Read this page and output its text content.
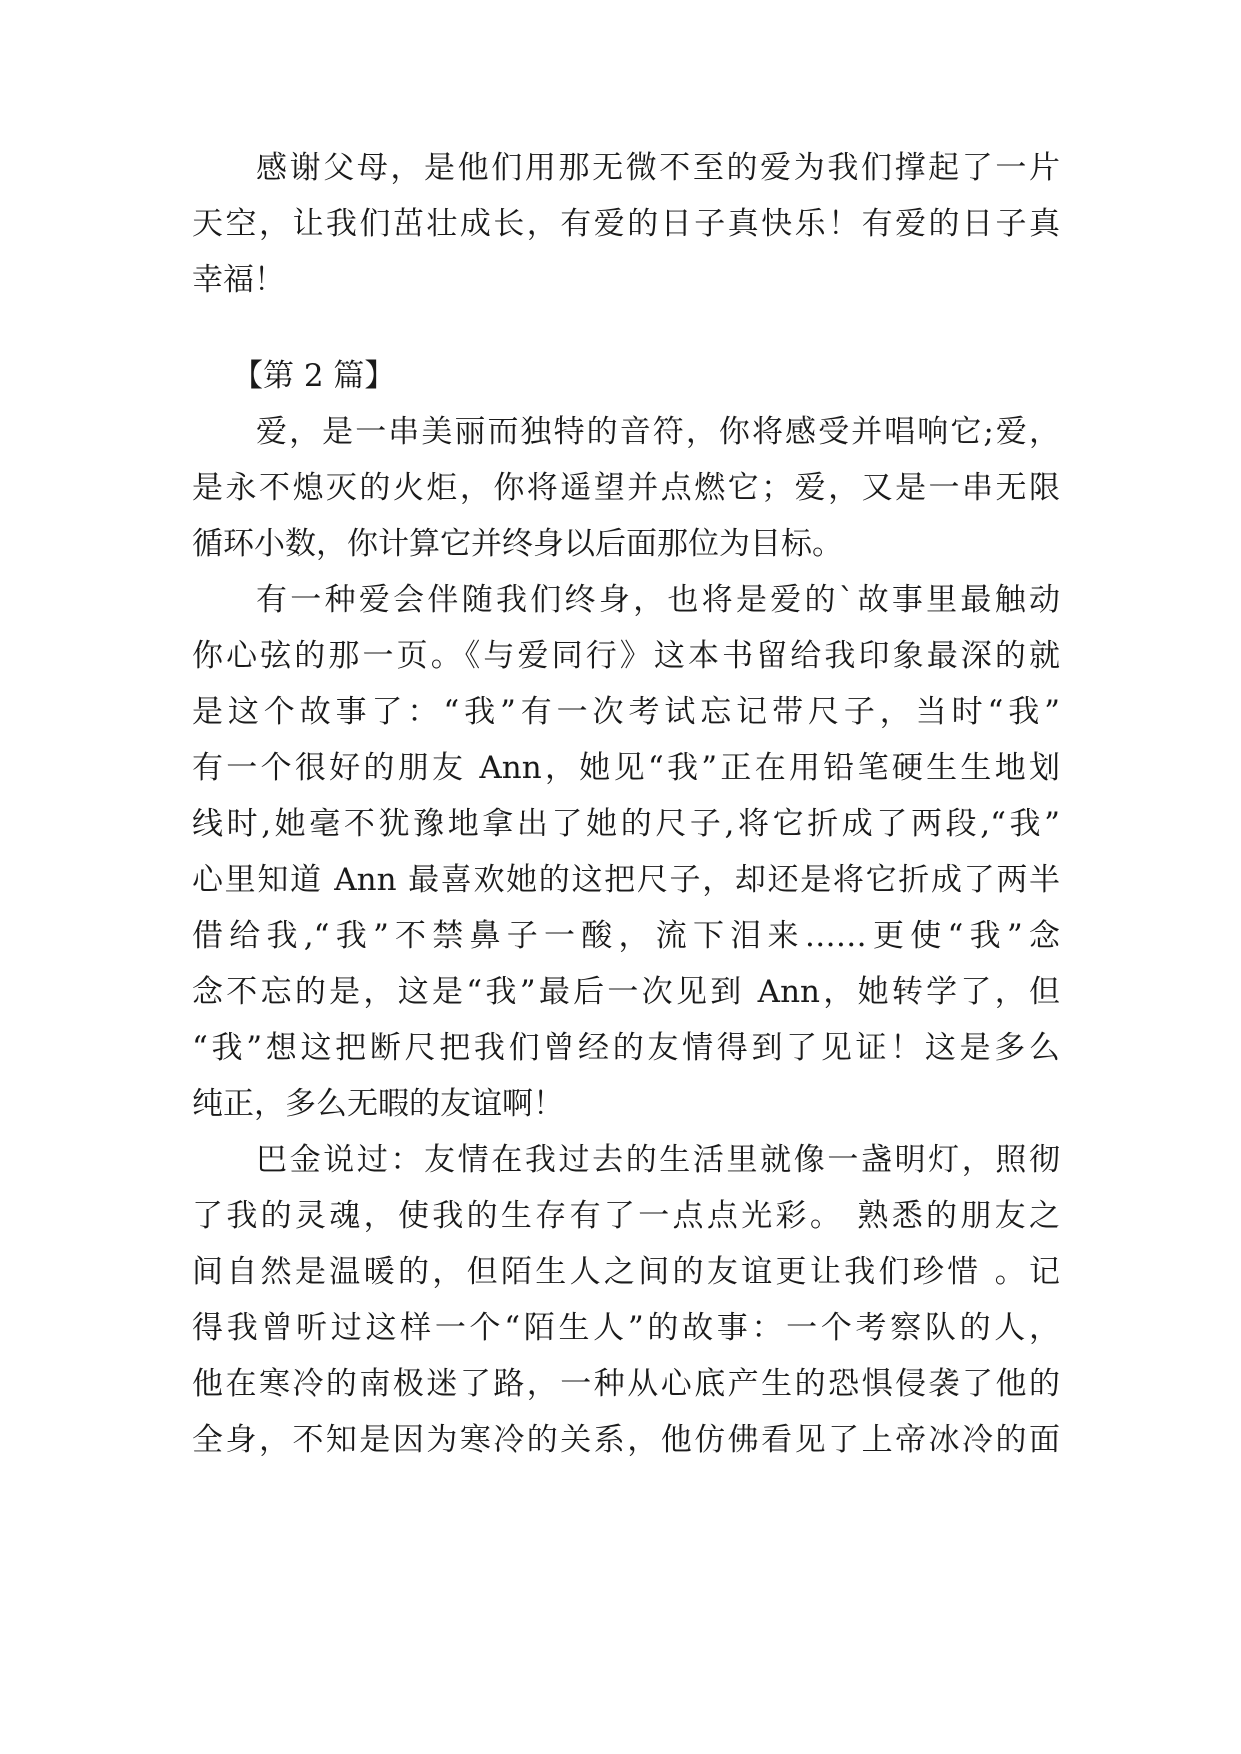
感谢父母，是他们用那无微不至的爱为我们撑起了一片
天空，让我们茁壮成长，有爱的日子真快乐！有爱的日子真
幸福！
【第 2 篇】
爱，是一串美丽而独特的音符，你将感受并唱响它;爱，
是永不熄灭的火炬，你将遥望并点燃它；爱，又是一串无限
循环小数，你计算它并终身以后面那位为目标。
有一种爱会伴随我们终身，也将是爱的`故事里最触动
你心弦的那一页。《与爱同行》这本书留给我印象最深的就
是这个故事了：“我”有一次考试忘记带尺子，当时“我”
有一个很好的朋友 Ann，她见“我”正在用铅笔硬生生地划
线时,她毫不犹豫地拿出了她的尺子,将它折成了两段,“我”
心里知道 Ann 最喜欢她的这把尺子，却还是将它折成了两半
借给我,“我”不禁鼻子一酸，流下泪来……更使“我”念
念不忘的是，这是“我”最后一次见到 Ann，她转学了，但
“我”想这把断尺把我们曾经的友情得到了见证！这是多么
纯正，多么无暇的友谊啊！
巴金说过：友情在我过去的生活里就像一盏明灯，照彻
了我的灵魂，使我的生存有了一点点光彩。 熟悉的朋友之
间自然是温暖的，但陌生人之间的友谊更让我们珍惜 。记
得我曾听过这样一个“陌生人”的故事：一个考察队的人，
他在寒冷的南极迷了路，一种从心底产生的恐惧侵袭了他的
全身，不知是因为寒冷的关系，他仿佛看见了上帝冰冷的面
